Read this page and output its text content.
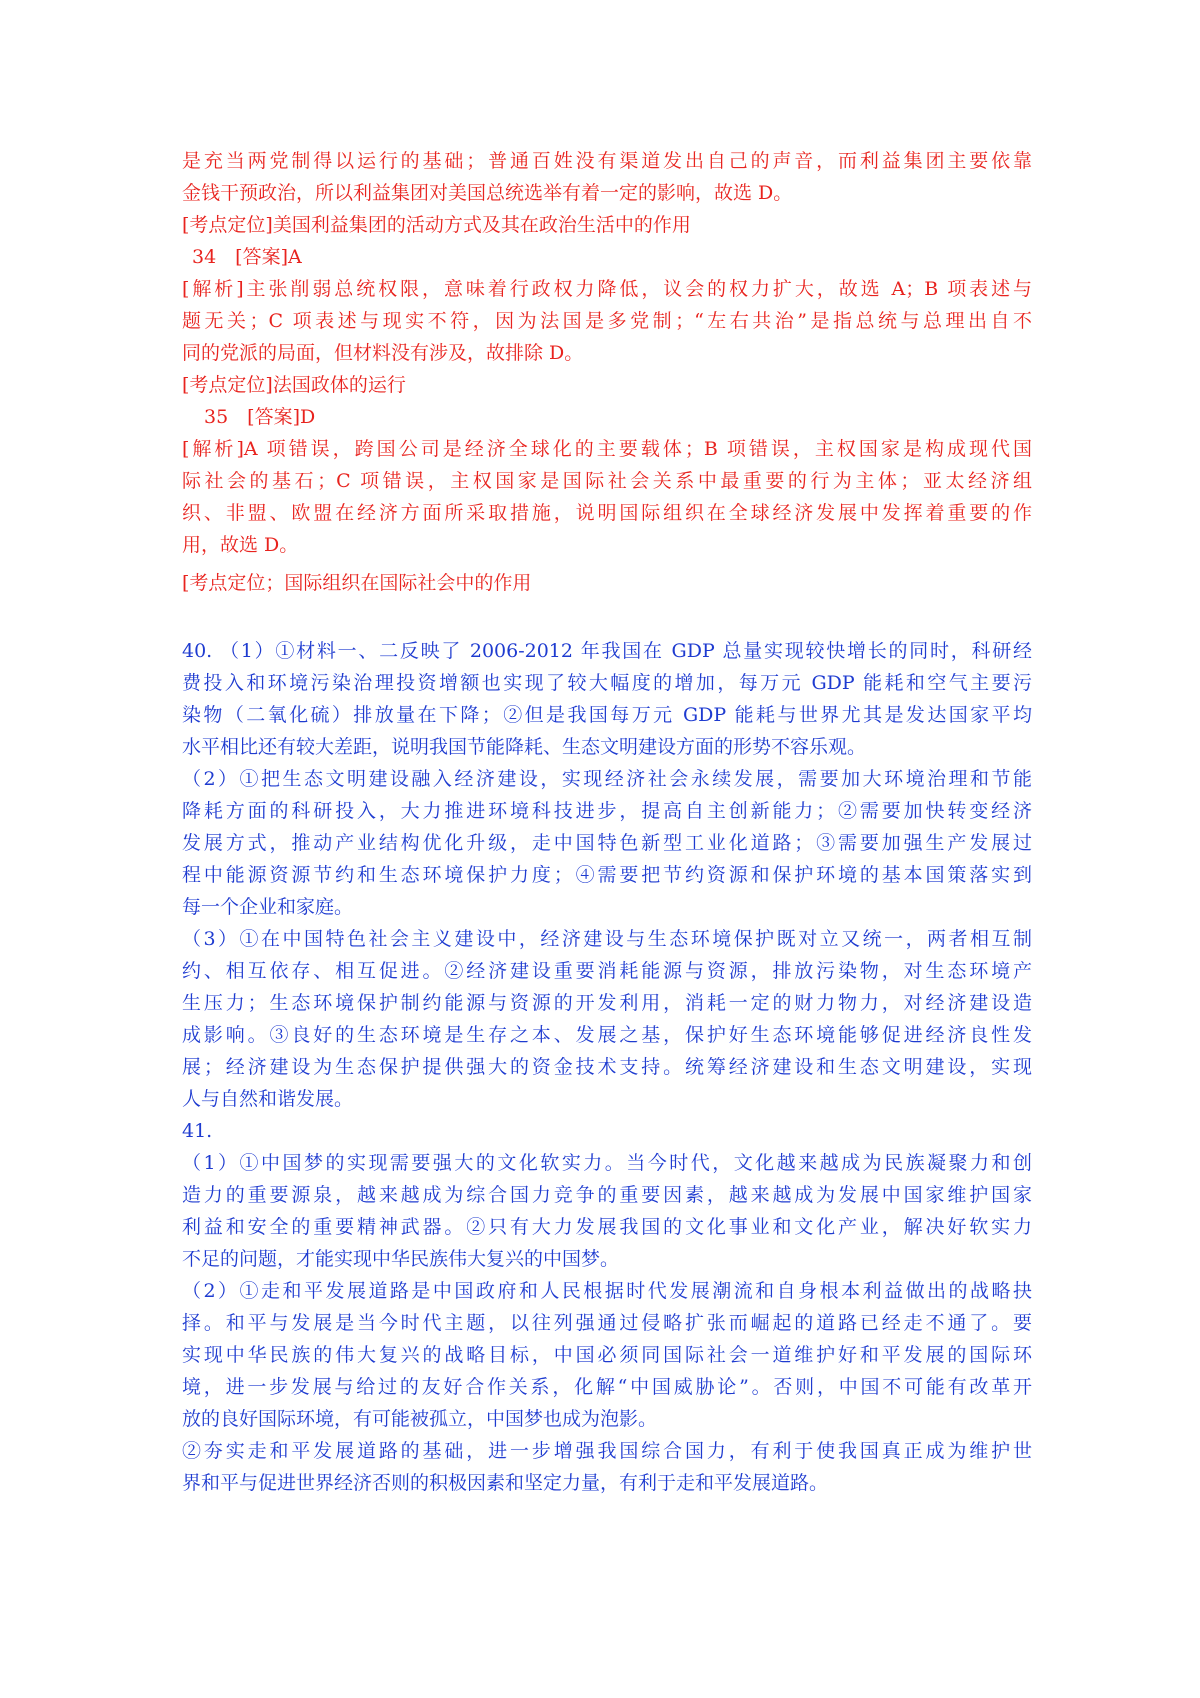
是充当两党制得以运行的基础；普通百姓没有渠道发出自己的声音，而利益集团主要依靠
金钱干预政治，所以利益集团对美国总统选举有着一定的影响，故选 D。
[考点定位]美国利益集团的活动方式及其在政治生活中的作用
34　[答案]A
[解析]主张削弱总统权限，意味着行政权力降低，议会的权力扩大，故选 A；B 项表述与
题无关；C 项表述与现实不符，因为法国是多党制；“左右共治”是指总统与总理出自不
同的党派的局面，但材料没有涉及，故排除 D。
[考点定位]法国政体的运行
35　[答案]D
[解析]A 项错误，跨国公司是经济全球化的主要载体；B 项错误，主权国家是构成现代国
际社会的基石；C 项错误，主权国家是国际社会关系中最重要的行为主体；亚太经济组
织、非盟、欧盟在经济方面所采取措施，说明国际组织在全球经济发展中发挥着重要的作
用，故选 D。
[考点定位；国际组织在国际社会中的作用
40. （1）①材料一、二反映了 2006-2012 年我国在 GDP 总量实现较快增长的同时，科研经
费投入和环境污染治理投资增额也实现了较大幅度的增加，每万元 GDP 能耗和空气主要污
染物（二氧化硫）排放量在下降；②但是我国每万元 GDP 能耗与世界尤其是发达国家平均
水平相比还有较大差距，说明我国节能降耗、生态文明建设方面的形势不容乐观。
（2）①把生态文明建设融入经济建设，实现经济社会永续发展，需要加大环境治理和节能
降耗方面的科研投入，大力推进环境科技进步，提高自主创新能力；②需要加快转变经济
发展方式，推动产业结构优化升级，走中国特色新型工业化道路；③需要加强生产发展过
程中能源资源节约和生态环境保护力度；④需要把节约资源和保护环境的基本国策落实到
每一个企业和家庭。
（3）①在中国特色社会主义建设中，经济建设与生态环境保护既对立又统一，两者相互制
约、相互依存、相互促进。②经济建设重要消耗能源与资源，排放污染物，对生态环境产
生压力；生态环境保护制约能源与资源的开发利用，消耗一定的财力物力，对经济建设造
成影响。③良好的生态环境是生存之本、发展之基，保护好生态环境能够促进经济良性发
展；经济建设为生态保护提供强大的资金技术支持。统筹经济建设和生态文明建设，实现
人与自然和谐发展。
41.
（1）①中国梦的实现需要强大的文化软实力。当今时代，文化越来越成为民族凝聚力和创
造力的重要源泉，越来越成为综合国力竞争的重要因素，越来越成为发展中国家维护国家
利益和安全的重要精神武器。②只有大力发展我国的文化事业和文化产业，解决好软实力
不足的问题，才能实现中华民族伟大复兴的中国梦。
（2）①走和平发展道路是中国政府和人民根据时代发展潮流和自身根本利益做出的战略抉
择。和平与发展是当今时代主题，以往列强通过侵略扩张而崛起的道路已经走不通了。要
实现中华民族的伟大复兴的战略目标，中国必须同国际社会一道维护好和平发展的国际环
境，进一步发展与给过的友好合作关系，化解“中国威胁论”。否则，中国不可能有改革开
放的良好国际环境，有可能被孤立，中国梦也成为泡影。
②夯实走和平发展道路的基础，进一步增强我国综合国力，有利于使我国真正成为维护世
界和平与促进世界经济否则的积极因素和坚定力量，有利于走和平发展道路。
